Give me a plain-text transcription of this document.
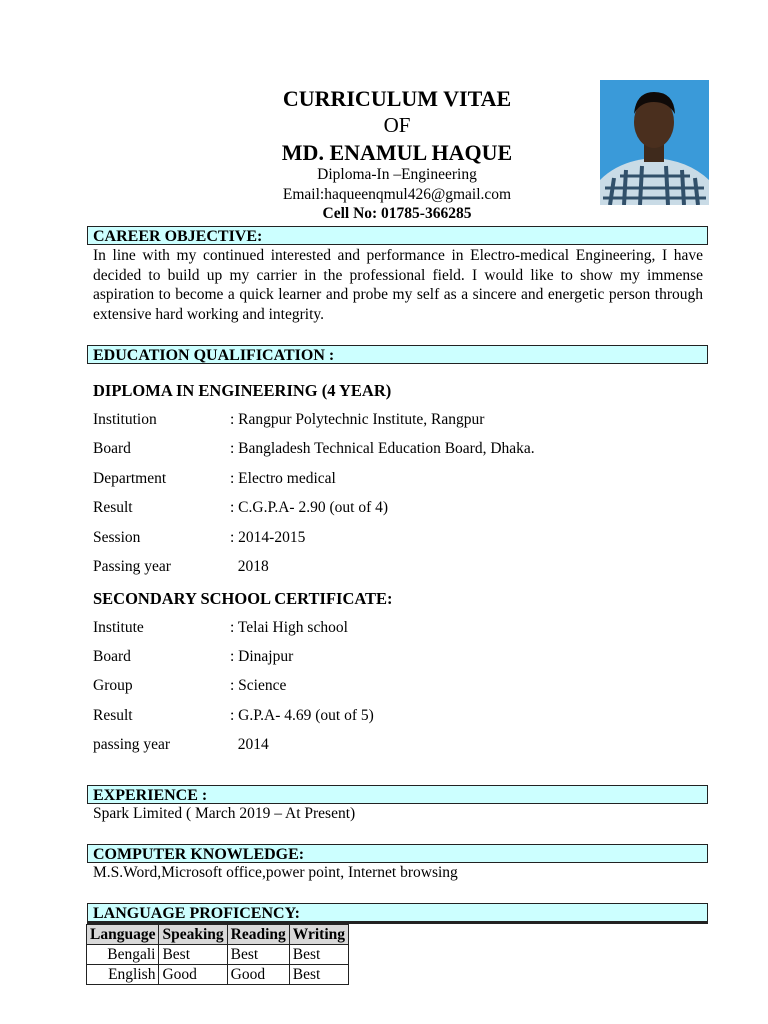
CURRICULUM VITAE
OF
MD. ENAMUL HAQUE
Diploma-In –Engineering
Email:haqueenqmul426@gmail.com
Cell No: 01785-366285
CAREER OBJECTIVE:
In line with my continued interested and performance in Electro-medical Engineering, I have decided to build up my carrier in the professional field. I would like to show my immense aspiration to become a quick learner and probe my self as a sincere and energetic person through extensive hard working and integrity.
EDUCATION QUALIFICATION :
DIPLOMA IN ENGINEERING (4 YEAR)
Institution	: Rangpur Polytechnic Institute, Rangpur
Board	: Bangladesh Technical Education Board, Dhaka.
Department	: Electro medical
Result	: C.G.P.A- 2.90 (out of 4)
Session	: 2014-2015
Passing year	2018
SECONDARY SCHOOL CERTIFICATE:
Institute	: Telai High school
Board	: Dinajpur
Group	: Science
Result	: G.P.A- 4.69 (out of 5)
passing year	2014
EXPERIENCE :
Spark Limited ( March 2019 – At Present)
COMPUTER KNOWLEDGE:
M.S.Word,Microsoft office,power point, Internet browsing
LANGUAGE PROFICENCY:
Language	Speaking	Reading	Writing
Bengali	Best	Best	Best
English	Good	Good	Best
